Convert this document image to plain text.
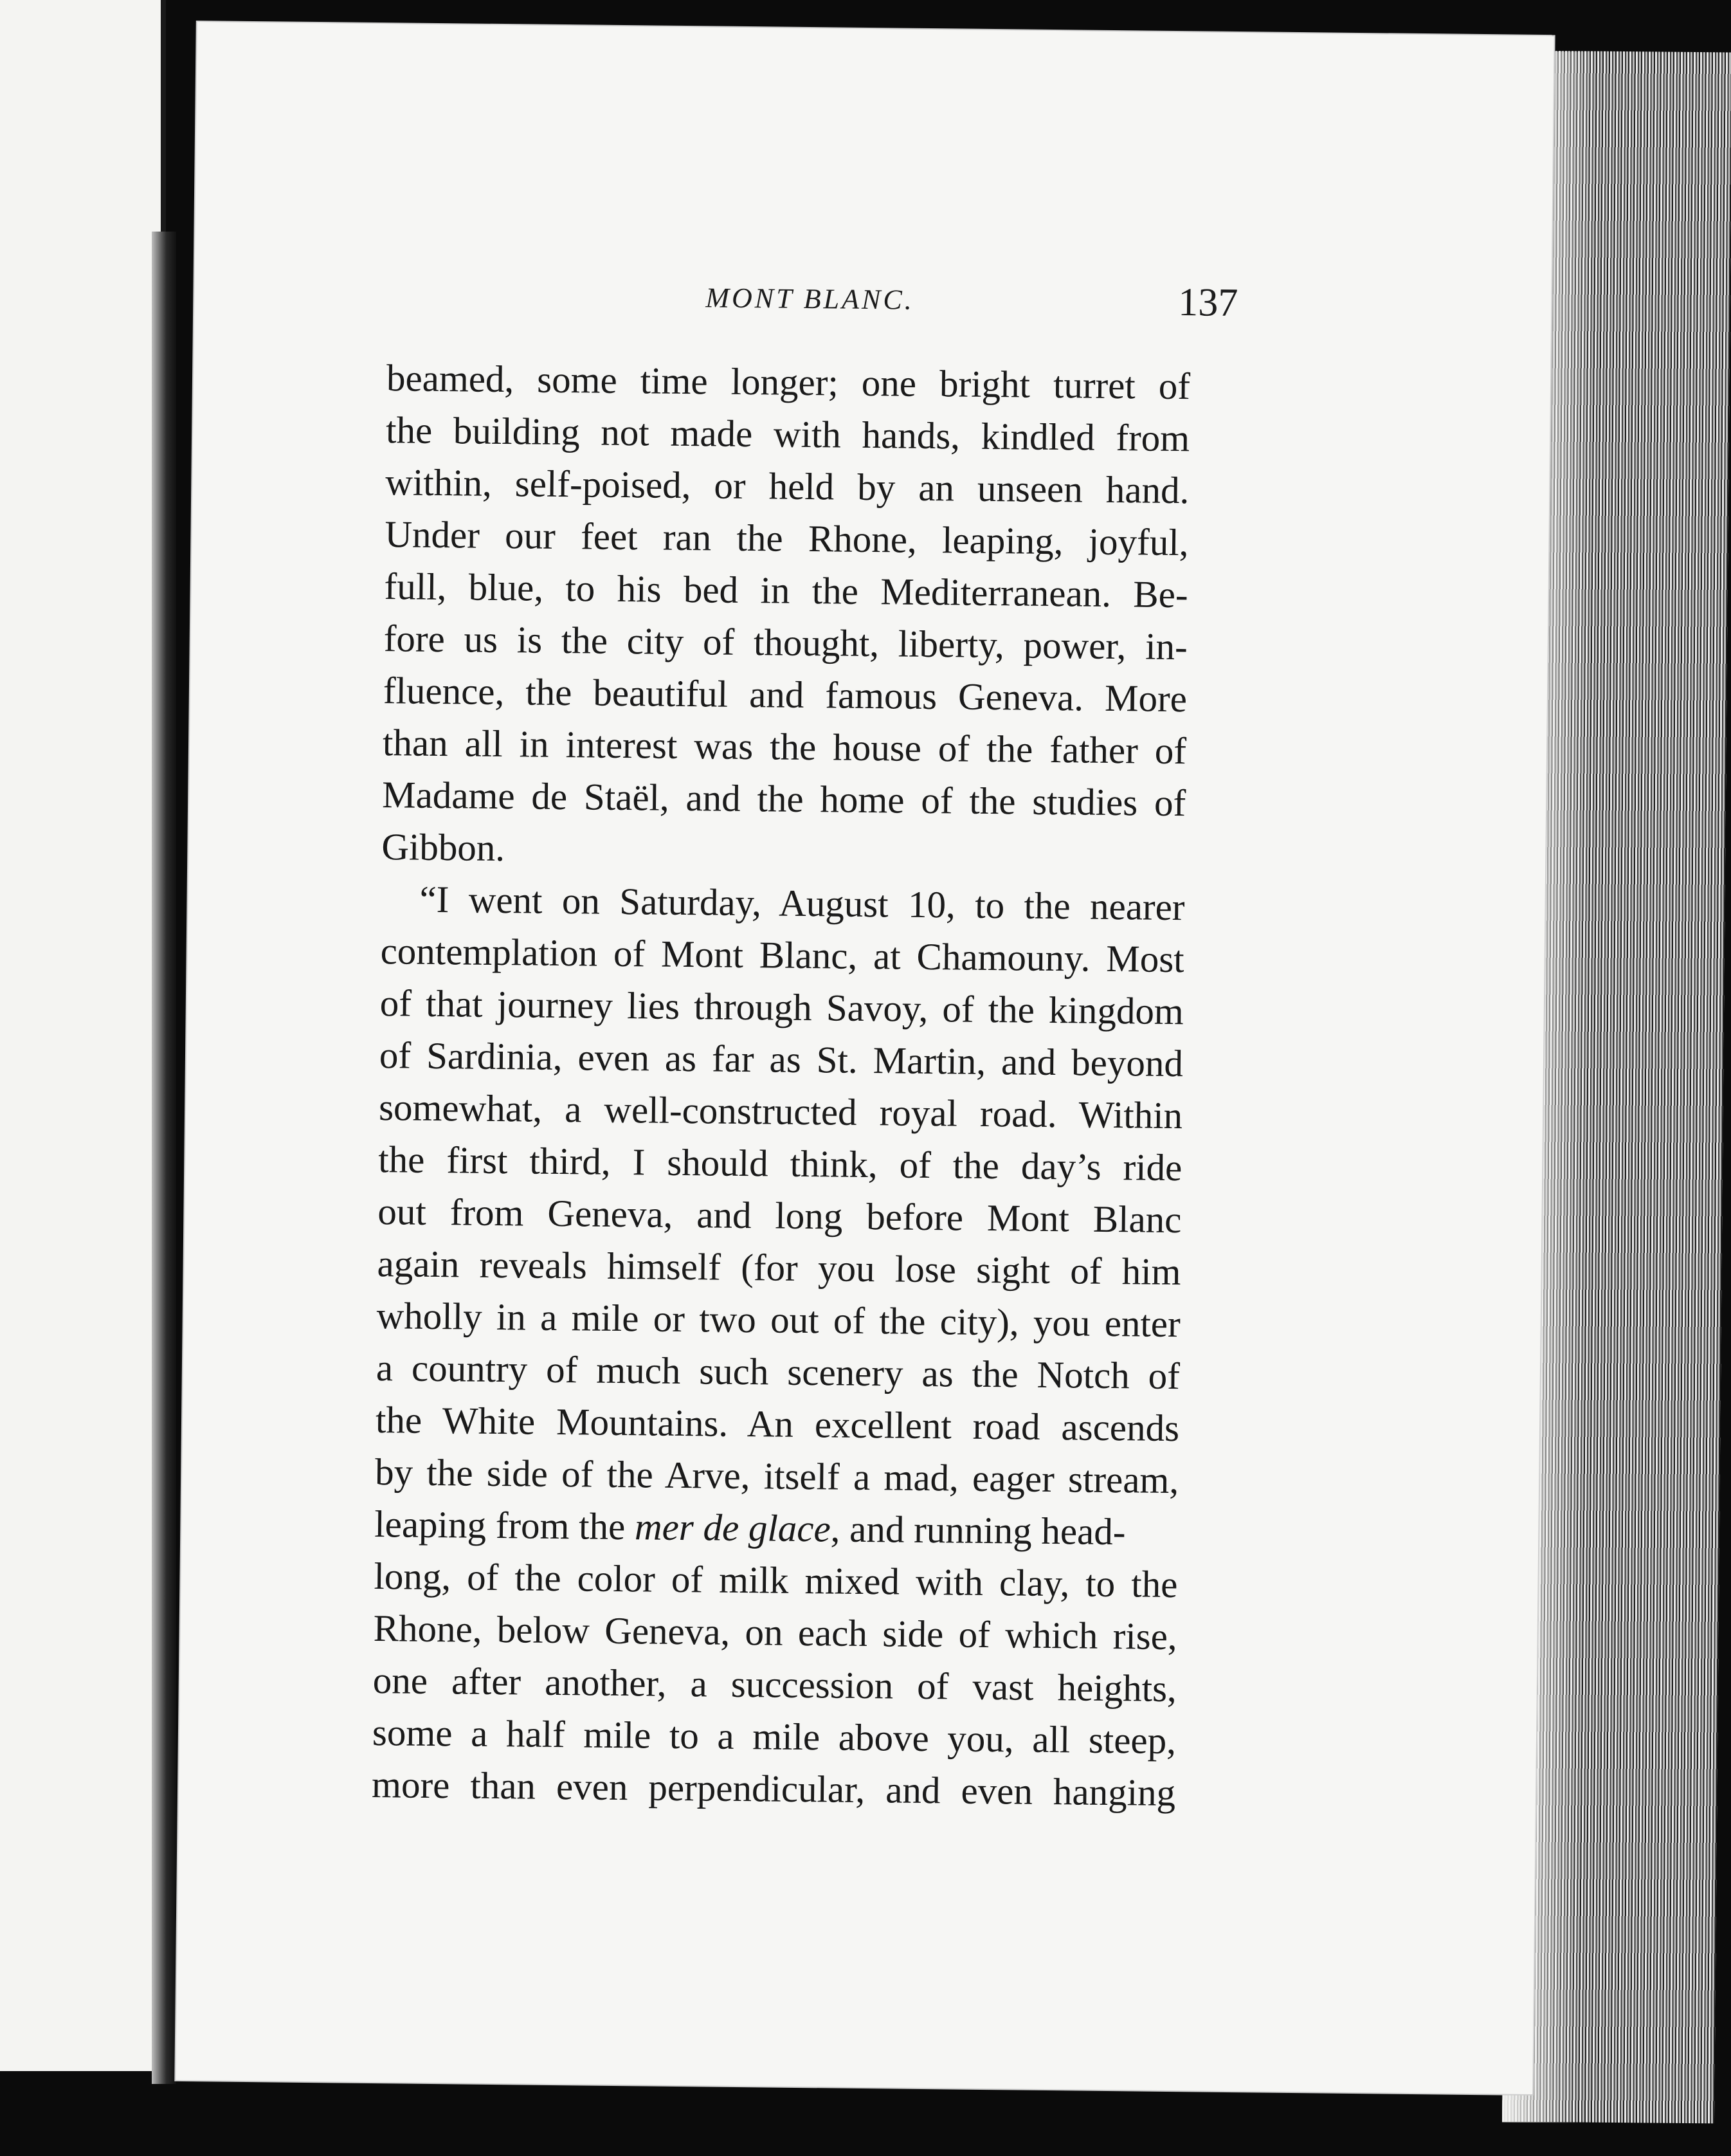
MONT BLANC.	137
beamed, some time longer; one bright turret of
the building not made with hands, kindled from
within, self-poised, or held by an unseen hand.
Under our feet ran the Rhone, leaping, joyful,
full, blue, to his bed in the Mediterranean. Be-
fore us is the city of thought, liberty, power, in-
fluence, the beautiful and famous Geneva. More
than all in interest was the house of the father of
Madame de Staël, and the home of the studies of
Gibbon.
“I went on Saturday, August 10, to the nearer
contemplation of Mont Blanc, at Chamouny. Most
of that journey lies through Savoy, of the kingdom
of Sardinia, even as far as St. Martin, and beyond
somewhat, a well-constructed royal road. Within
the first third, I should think, of the day’s ride
out from Geneva, and long before Mont Blanc
again reveals himself (for you lose sight of him
wholly in a mile or two out of the city), you enter
a country of much such scenery as the Notch of
the White Mountains. An excellent road ascends
by the side of the Arve, itself a mad, eager stream,
leaping from the mer de glace, and running head-
long, of the color of milk mixed with clay, to the
Rhone, below Geneva, on each side of which rise,
one after another, a succession of vast heights,
some a half mile to a mile above you, all steep,
more than even perpendicular, and even hanging
